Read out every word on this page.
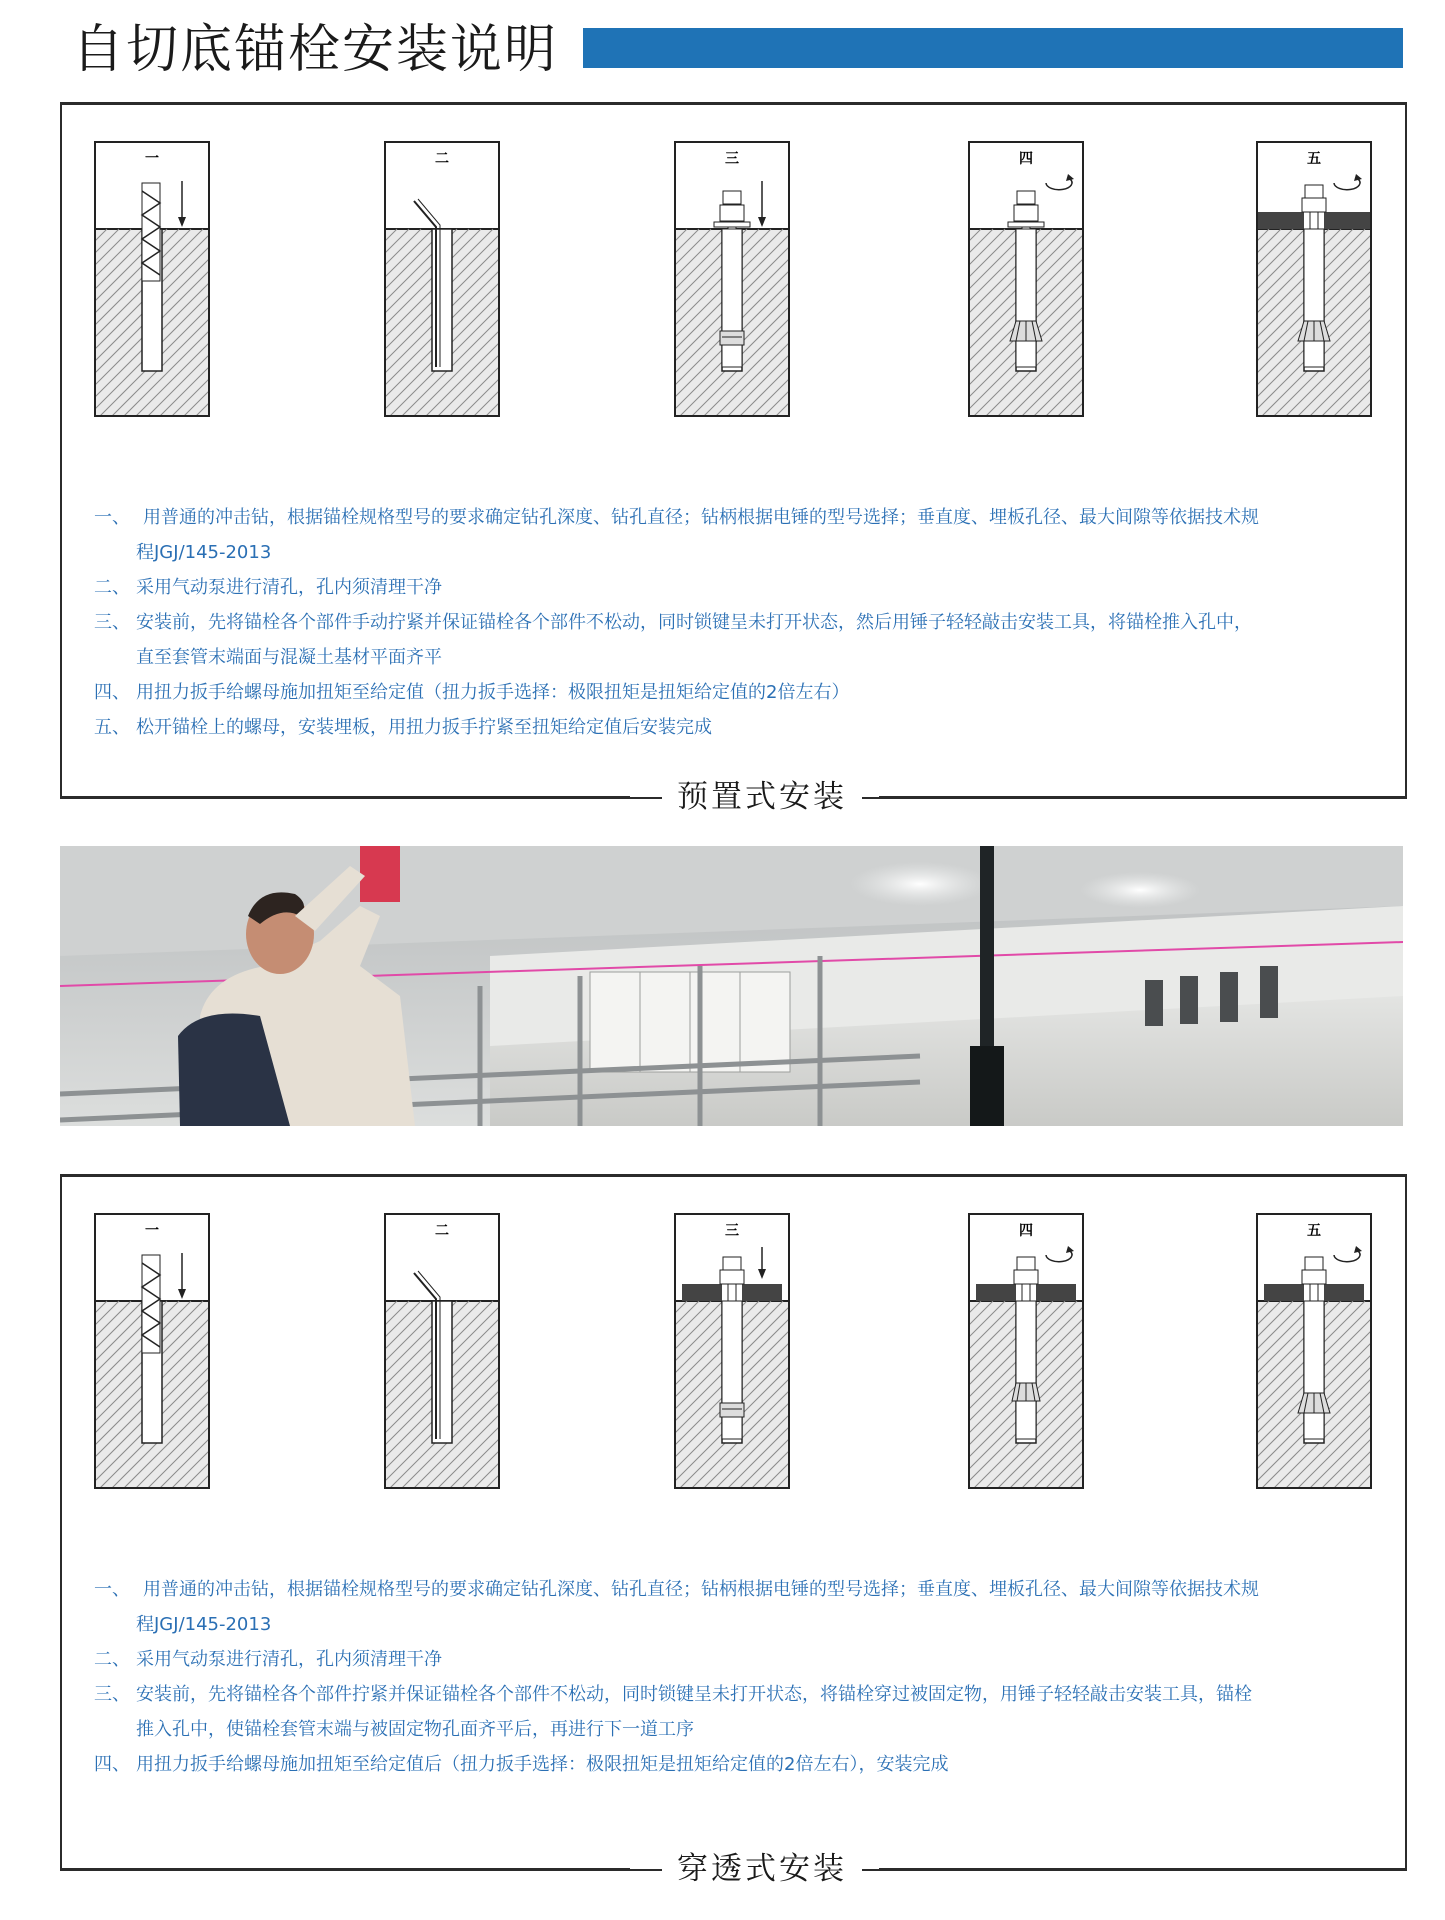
自切底锚栓安装说明
一	二	三	四	五
一、 用普通的冲击钻，根据锚栓规格型号的要求确定钻孔深度、钻孔直径；钻柄根据电锤的型号选择；垂直度、埋板孔径、最大间隙等依据技术规
程JGJ/145-2013
二、 采用气动泵进行清孔，孔内须清理干净
三、 安装前，先将锚栓各个部件手动拧紧并保证锚栓各个部件不松动，同时锁键呈未打开状态，然后用锤子轻轻敲击安装工具，将锚栓推入孔中，
直至套管末端面与混凝土基材平面齐平
四、 用扭力扳手给螺母施加扭矩至给定值（扭力扳手选择：极限扭矩是扭矩给定值的2倍左右）
五、 松开锚栓上的螺母，安装埋板，用扭力扳手拧紧至扭矩给定值后安装完成
预置式安装
一	二	三	四	五
一、 用普通的冲击钻，根据锚栓规格型号的要求确定钻孔深度、钻孔直径；钻柄根据电锤的型号选择；垂直度、埋板孔径、最大间隙等依据技术规
程JGJ/145-2013
二、 采用气动泵进行清孔，孔内须清理干净
三、 安装前，先将锚栓各个部件拧紧并保证锚栓各个部件不松动，同时锁键呈未打开状态，将锚栓穿过被固定物，用锤子轻轻敲击安装工具，锚栓
推入孔中，使锚栓套管末端与被固定物孔面齐平后，再进行下一道工序
四、 用扭力扳手给螺母施加扭矩至给定值后（扭力扳手选择：极限扭矩是扭矩给定值的2倍左右），安装完成
穿透式安装
